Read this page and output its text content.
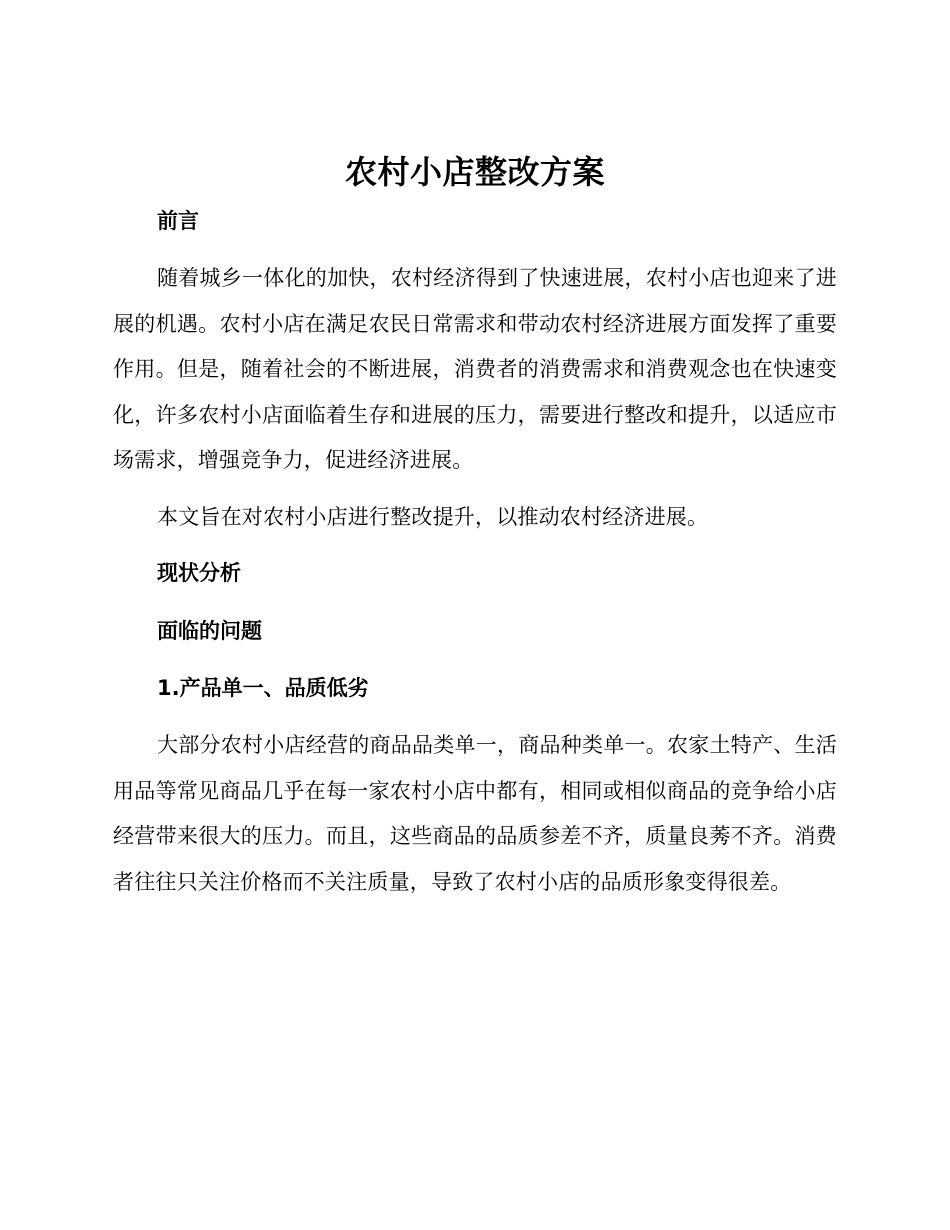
农村小店整改方案
前言
随着城乡一体化的加快，农村经济得到了快速进展，农村小店也迎来了进展的机遇。农村小店在满足农民日常需求和带动农村经济进展方面发挥了重要作用。但是，随着社会的不断进展，消费者的消费需求和消费观念也在快速变化，许多农村小店面临着生存和进展的压力，需要进行整改和提升，以适应市场需求，增强竞争力，促进经济进展。
本文旨在对农村小店进行整改提升，以推动农村经济进展。
现状分析
面临的问题
1.产品单一、品质低劣
大部分农村小店经营的商品品类单一，商品种类单一。农家土特产、生活用品等常见商品几乎在每一家农村小店中都有，相同或相似商品的竞争给小店经营带来很大的压力。而且，这些商品的品质参差不齐，质量良莠不齐。消费者往往只关注价格而不关注质量，导致了农村小店的品质形象变得很差。
